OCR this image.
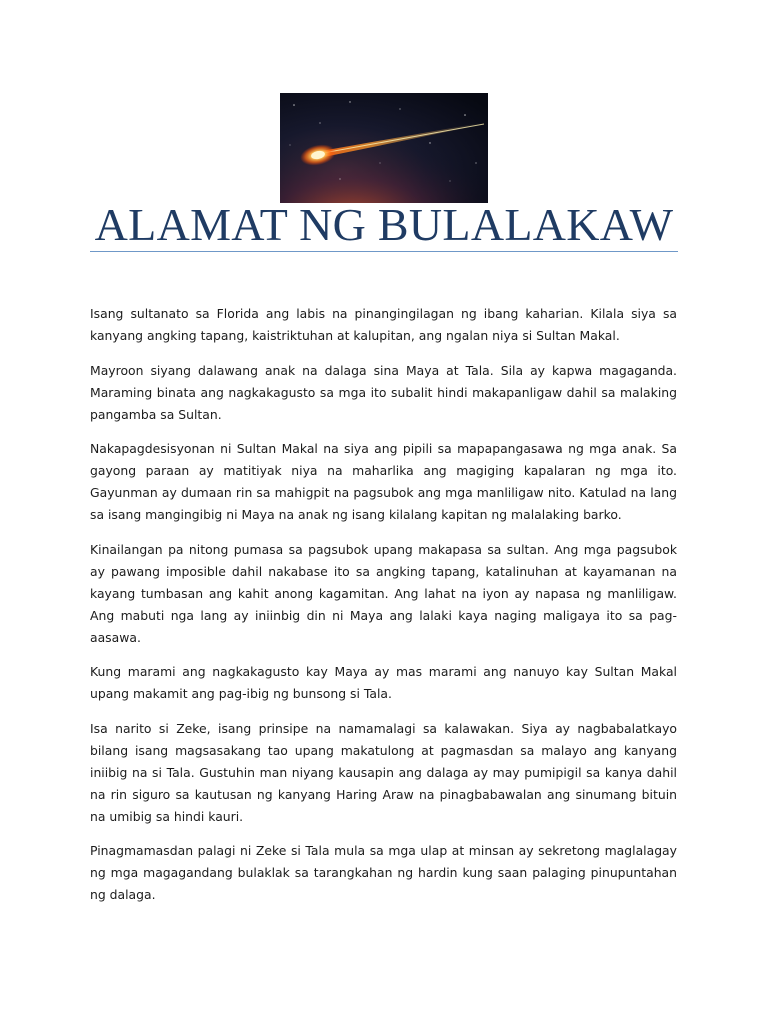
ALAMAT NG BULALAKAW

Isang sultanato sa Florida ang labis na pinangingilagan ng ibang kaharian. Kilala siya sa kanyang angking tapang, kaistriktuhan at kalupitan, ang ngalan niya si Sultan Makal.

Mayroon siyang dalawang anak na dalaga sina Maya at Tala. Sila ay kapwa magaganda. Maraming binata ang nagkakagusto sa mga ito subalit hindi makapanligaw dahil sa malaking pangamba sa Sultan.

Nakapagdesisyonan ni Sultan Makal na siya ang pipili sa mapapangasawa ng mga anak. Sa gayong paraan ay matitiyak niya na maharlika ang magiging kapalaran ng mga ito. Gayunman ay dumaan rin sa mahigpit na pagsubok ang mga manliligaw nito. Katulad na lang sa isang mangingibig ni Maya na anak ng isang kilalang kapitan ng malalaking barko.

Kinailangan pa nitong pumasa sa pagsubok upang makapasa sa sultan. Ang mga pagsubok ay pawang imposible dahil nakabase ito sa angking tapang, katalinuhan at kayamanan na kayang tumbasan ang kahit anong kagamitan. Ang lahat na iyon ay napasa ng manliligaw. Ang mabuti nga lang ay iniinbig din ni Maya ang lalaki kaya naging maligaya ito sa pag-aasawa.

Kung marami ang nagkakagusto kay Maya ay mas marami ang nanuyo kay Sultan Makal upang makamit ang pag-ibig ng bunsong si Tala.

Isa narito si Zeke, isang prinsipe na namamalagi sa kalawakan. Siya ay nagbabalatkayo bilang isang magsasakang tao upang makatulong at pagmasdan sa malayo ang kanyang iniibig na si Tala. Gustuhin man niyang kausapin ang dalaga ay may pumipigil sa kanya dahil na rin siguro sa kautusan ng kanyang Haring Araw na pinagbabawalan ang sinumang bituin na umibig sa hindi kauri.

Pinagmamasdan palagi ni Zeke si Tala mula sa mga ulap at minsan ay sekretong maglalagay ng mga magagandang bulaklak sa tarangkahan ng hardin kung saan palaging pinupuntahan ng dalaga.
